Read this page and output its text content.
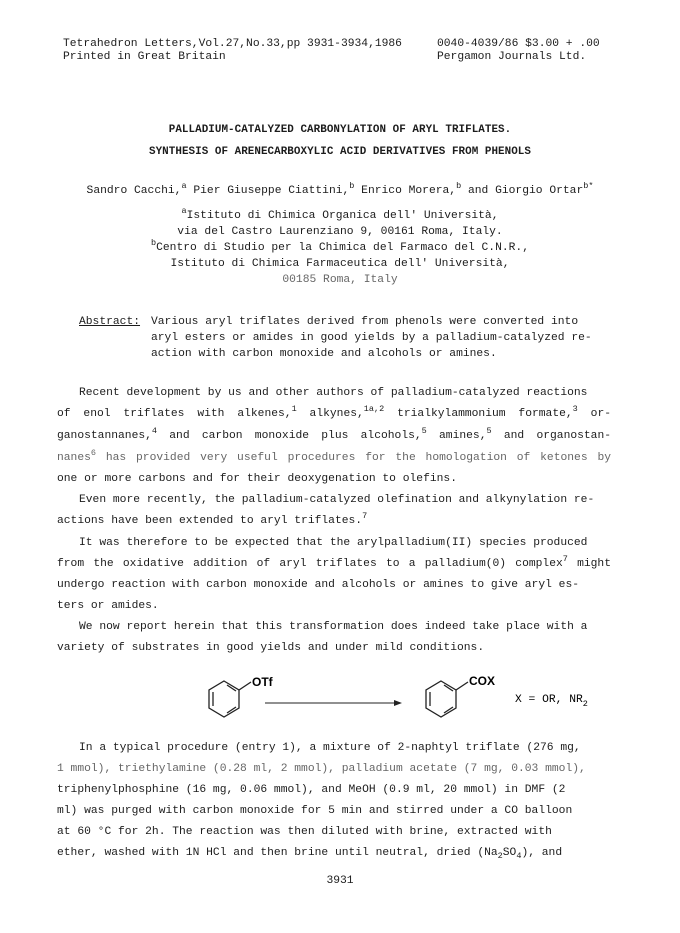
Tetrahedron Letters,Vol.27,No.33,pp 3931-3934,1986
Printed in Great Britain
0040-4039/86 $3.00 + .00
Pergamon Journals Ltd.
PALLADIUM-CATALYZED CARBONYLATION OF ARYL TRIFLATES.
SYNTHESIS OF ARENECARBOXYLIC ACID DERIVATIVES FROM PHENOLS
Sandro Cacchi,$^a$ Pier Giuseppe Ciattini,$^b$ Enrico Morera,$^b$ and Giorgio Ortar$^{b*}$
$^a$Istituto di Chimica Organica dell' Università,
via del Castro Laurenziano 9, 00161 Roma, Italy.
$^b$Centro di Studio per la Chimica del Farmaco del C.N.R.,
Istituto di Chimica Farmaceutica dell' Università,
00185 Roma, Italy
Abstract: Various aryl triflates derived from phenols were converted into
aryl esters or amides in good yields by a palladium-catalyzed re-
action with carbon monoxide and alcohols or amines.
Recent development by us and other authors of palladium-catalyzed reactions
of enol triflates with alkenes,$^1$ alkynes,$^{1a,2}$ trialkylammonium formate,$^3$ or-
ganostannanes,$^4$ and carbon monoxide plus alcohols,$^5$ amines,$^5$ and organostan-
nanes$^6$ has provided very useful procedures for the homologation of ketones by
one or more carbons and for their deoxygenation to olefins.
Even more recently, the palladium-catalyzed olefination and alkynylation re-
actions have been extended to aryl triflates.$^7$
It was therefore to be expected that the arylpalladium(II) species produced
from the oxidative addition of aryl triflates to a palladium(0) complex$^7$ might
undergo reaction with carbon monoxide and alcohols or amines to give aryl es-
ters or amides.
We now report herein that this transformation does indeed take place with a
variety of substrates in good yields and under mild conditions.
OTf	COX
X = OR, $NR_2$
In a typical procedure (entry 1), a mixture of 2-naphtyl triflate (276 mg,
1 mmol), triethylamine (0.28 ml, 2 mmol), palladium acetate (7 mg, 0.03 mmol),
triphenylphosphine (16 mg, 0.06 mmol), and MeOH (0.9 ml, 20 mmol) in DMF (2
ml) was purged with carbon monoxide for 5 min and stirred under a CO balloon
at 60 °C for 2h. The reaction was then diluted with brine, extracted with
ether, washed with 1N HCl and then brine until neutral, dried $(Na_2SO_4)$, and
3931
